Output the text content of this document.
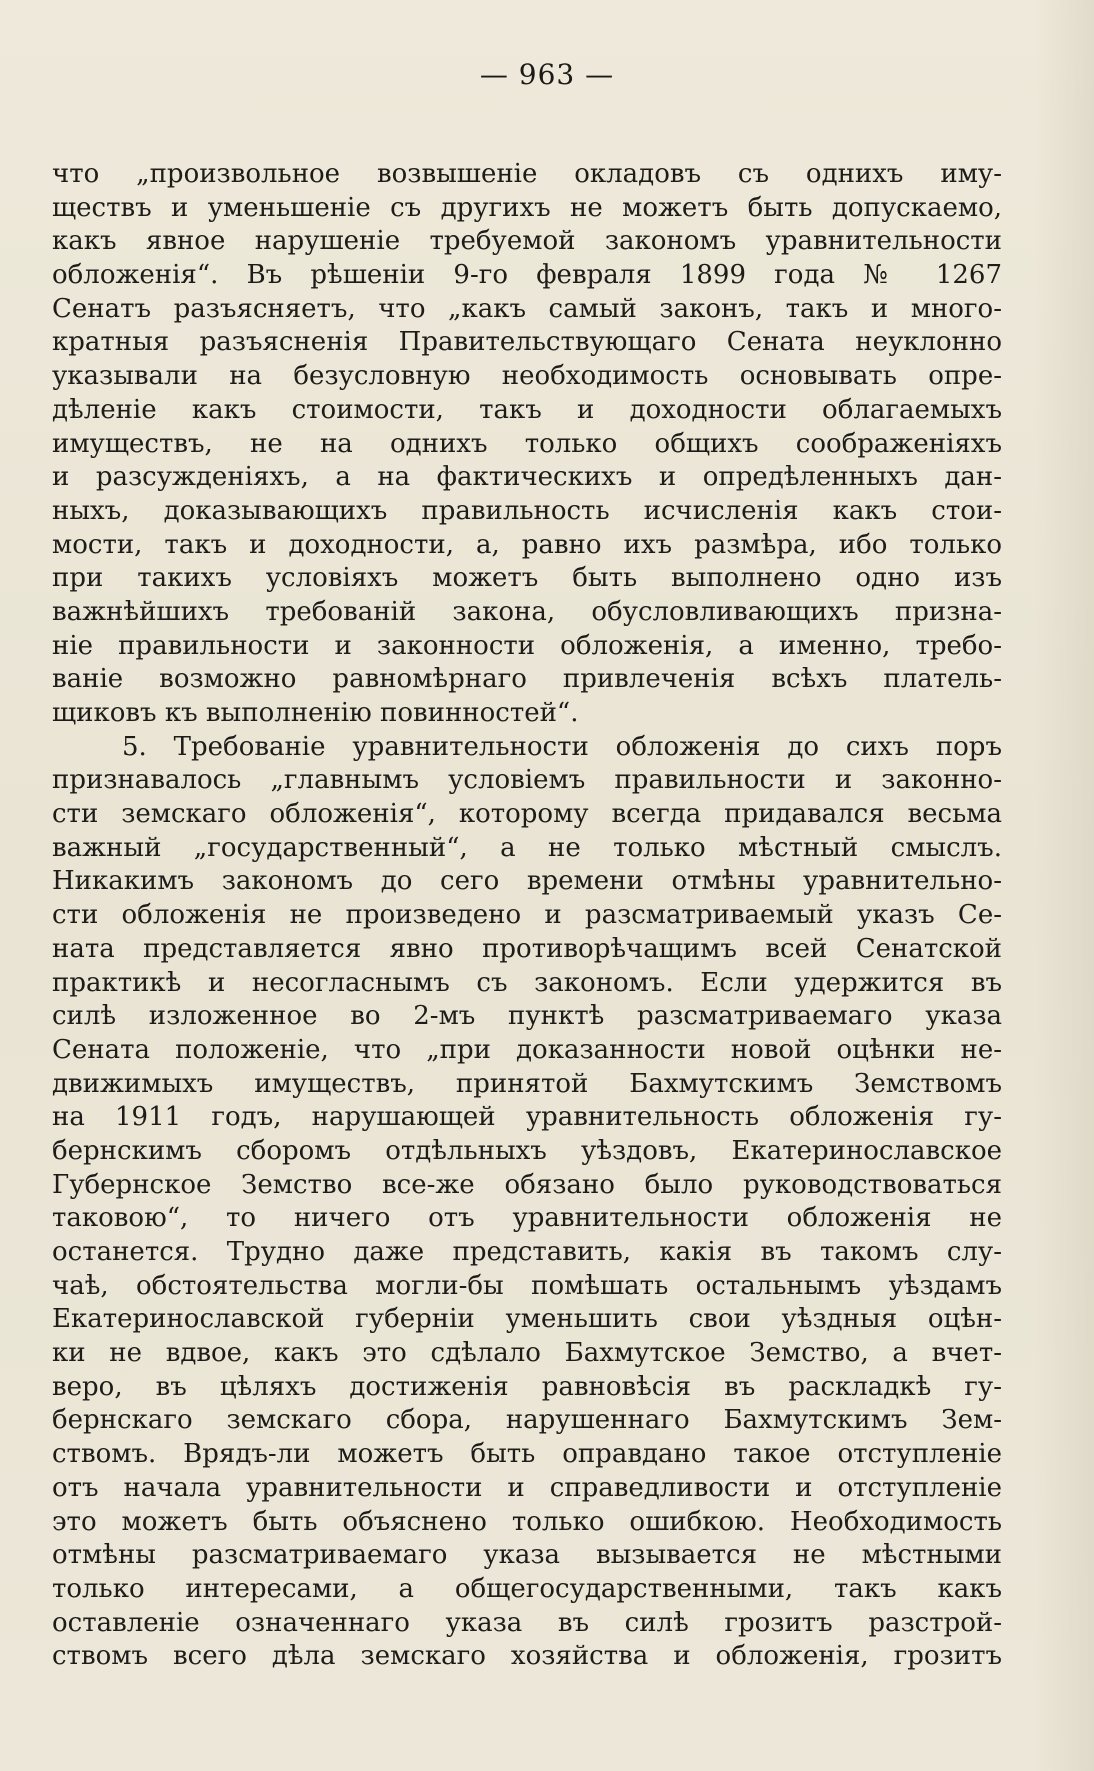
— 963 —
что „произвольное возвышеніе окладовъ съ однихъ иму-
ществъ и уменьшеніе съ другихъ не можетъ быть допускаемо,
какъ явное нарушеніе требуемой закономъ уравнительности
обложенія“. Въ рѣшеніи 9-го февраля 1899 года № 1267
Сенатъ разъясняетъ, что „какъ самый законъ, такъ и много-
кратныя разъясненія Правительствующаго Сената неуклонно
указывали на безусловную необходимость основывать опре-
дѣленіе какъ стоимости, такъ и доходности облагаемыхъ
имуществъ, не на однихъ только общихъ соображеніяхъ
и разсужденіяхъ, а на фактическихъ и опредѣленныхъ дан-
ныхъ, доказывающихъ правильность исчисленія какъ стои-
мости, такъ и доходности, а, равно ихъ размѣра, ибо только
при такихъ условіяхъ можетъ быть выполнено одно изъ
важнѣйшихъ требованій закона, обусловливающихъ призна-
ніе правильности и законности обложенія, а именно, требо-
ваніе возможно равномѣрнаго привлеченія всѣхъ платель-
щиковъ къ выполненію повинностей“.
5. Требованіе уравнительности обложенія до сихъ поръ
признавалось „главнымъ условіемъ правильности и законно-
сти земскаго обложенія“, которому всегда придавался весьма
важный „государственный“, а не только мѣстный смыслъ.
Никакимъ закономъ до сего времени отмѣны уравнительно-
сти обложенія не произведено и разсматриваемый указъ Се-
ната представляется явно противорѣчащимъ всей Сенатской
практикѣ и несогласнымъ съ закономъ. Если удержится въ
силѣ изложенное во 2-мъ пунктѣ разсматриваемаго указа
Сената положеніе, что „при доказанности новой оцѣнки не-
движимыхъ имуществъ, принятой Бахмутскимъ Земствомъ
на 1911 годъ, нарушающей уравнительность обложенія гу-
бернскимъ сборомъ отдѣльныхъ уѣздовъ, Екатеринославское
Губернское Земство все-же обязано было руководствоваться
таковою“, то ничего отъ уравнительности обложенія не
останется. Трудно даже представить, какія въ такомъ слу-
чаѣ, обстоятельства могли-бы помѣшать остальнымъ уѣздамъ
Екатеринославской губерніи уменьшить свои уѣздныя оцѣн-
ки не вдвое, какъ это сдѣлало Бахмутское Земство, а вчет-
веро, въ цѣляхъ достиженія равновѣсія въ раскладкѣ гу-
бернскаго земскаго сбора, нарушеннаго Бахмутскимъ Зем-
ствомъ. Врядъ-ли можетъ быть оправдано такое отступленіе
отъ начала уравнительности и справедливости и отступленіе
это можетъ быть объяснено только ошибкою. Необходимость
отмѣны разсматриваемаго указа вызывается не мѣстными
только интересами, а общегосударственными, такъ какъ
оставленіе означеннаго указа въ силѣ грозитъ разстрой-
ствомъ всего дѣла земскаго хозяйства и обложенія, грозитъ
